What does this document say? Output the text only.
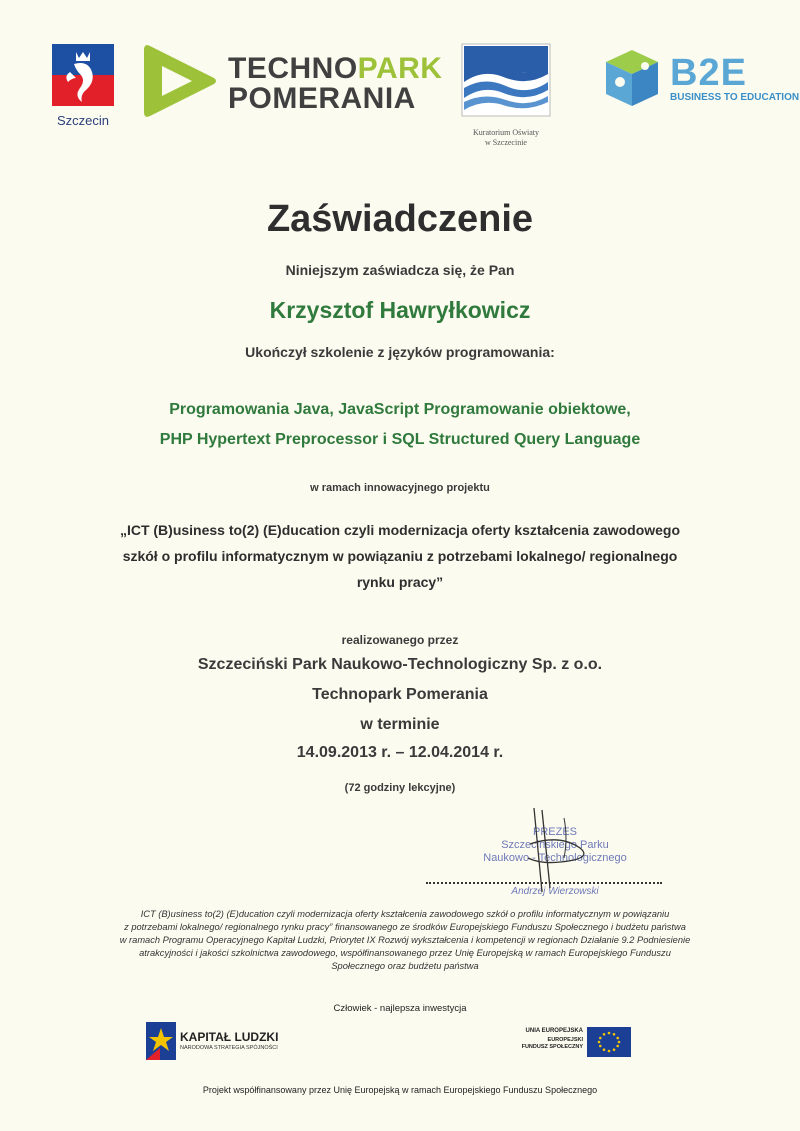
Szczecin
TECHNOPARK
POMERANIA
Kuratorium Oświaty
w Szczecinie
B2E
BUSINESS TO EDUCATION
Zaświadczenie
Niniejszym zaświadcza się, że Pan
Krzysztof Hawryłkowicz
Ukończył szkolenie z języków programowania:
Programowania Java, JavaScript Programowanie obiektowe,
PHP Hypertext Preprocessor i SQL Structured Query Language
w ramach innowacyjnego projektu
„ICT (B)usiness to(2) (E)ducation czyli modernizacja oferty kształcenia zawodowego
szkół o profilu informatycznym w powiązaniu z potrzebami lokalnego/ regionalnego
rynku pracy”
realizowanego przez
Szczeciński Park Naukowo-Technologiczny Sp. z o.o.
Technopark Pomerania
w terminie
14.09.2013 r. – 12.04.2014 r.
(72 godziny lekcyjne)
PREZES
Szczecińskiego Parku
Naukowo - Technologicznego
Andrzej Wierzowski
ICT (B)usiness to(2) (E)ducation czyli modernizacja oferty kształcenia zawodowego szkół o profilu informatycznym w powiązaniu
z potrzebami lokalnego/ regionalnego rynku pracy” finansowanego ze środków Europejskiego Funduszu Społecznego i budżetu państwa
w ramach Programu Operacyjnego Kapitał Ludzki, Priorytet IX Rozwój wykształcenia i kompetencji w regionach Działanie 9.2 Podniesienie
atrakcyjności i jakości szkolnictwa zawodowego, współfinansowanego przez Unię Europejską w ramach Europejskiego Funduszu
Społecznego oraz budżetu państwa
Człowiek - najlepsza inwestycja
KAPITAŁ LUDZKI
NARODOWA STRATEGIA SPÓJNOŚCI
UNIA EUROPEJSKA
EUROPEJSKI
FUNDUSZ SPOŁECZNY
Projekt współfinansowany przez Unię Europejską w ramach Europejskiego Funduszu Społecznego
